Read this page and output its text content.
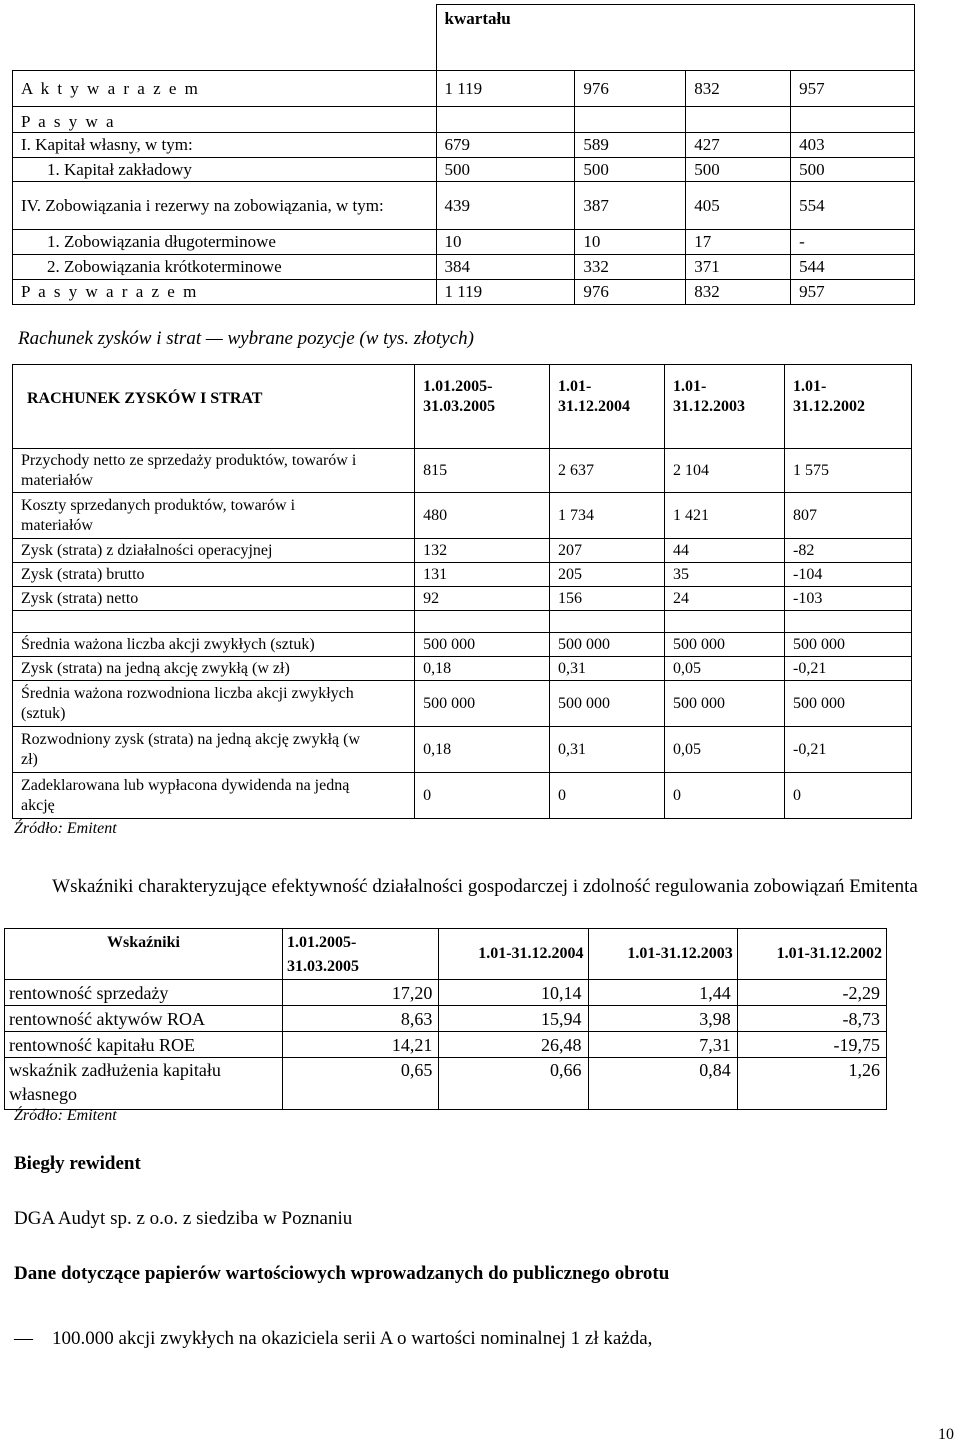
	kwartału			
A k t y w a r a z e m	1 119	976	832	957
P a s y w a				
I. Kapitał własny, w tym:	679	589	427	403
1. Kapitał zakładowy	500	500	500	500
IV. Zobowiązania i rezerwy na zobowiązania, w tym:	439	387	405	554
1. Zobowiązania długoterminowe	10	10	17	-
2. Zobowiązania krótkoterminowe	384	332	371	544
P a s y w a r a z e m	1 119	976	832	957
Rachunek zysków i strat — wybrane pozycje (w tys. złotych)
RACHUNEK ZYSKÓW I STRAT	1.01.2005-31.03.2005	1.01-31.12.2004	1.01-31.12.2003	1.01-31.12.2002

Przychody netto ze sprzedaży produktów, towarów i materiałów	815	2 637	2 104	1 575
Koszty sprzedanych produktów, towarów i materiałów	480	1 734	1 421	807
Zysk (strata) z działalności operacyjnej	132	207	44	-82
Zysk (strata) brutto	131	205	35	-104
Zysk (strata) netto	92	156	24	-103

Średnia ważona liczba akcji zwykłych (sztuk)	500 000	500 000	500 000	500 000
Zysk (strata) na jedną akcję zwykłą (w zł)	0,18	0,31	0,05	-0,21
Średnia ważona rozwodniona liczba akcji zwykłych (sztuk)	500 000	500 000	500 000	500 000
Rozwodniony zysk (strata) na jedną akcję zwykłą (w zł)	0,18	0,31	0,05	-0,21
Zadeklarowana lub wypłacona dywidenda na jedną akcję	0	0	0	0
Źródło: Emitent
Wskaźniki charakteryzujące efektywność działalności gospodarczej i zdolność regulowania zobowiązań Emitenta
Wskaźniki	1.01.2005-31.03.2005	1.01-31.12.2004	1.01-31.12.2003	1.01-31.12.2002
rentowność sprzedaży	17,20	10,14	1,44	-2,29
rentowność aktywów ROA	8,63	15,94	3,98	-8,73
rentowność kapitału ROE	14,21	26,48	7,31	-19,75
wskaźnik zadłużenia kapitału własnego	0,65	0,66	0,84	1,26
Źródło: Emitent
Biegły rewident
DGA Audyt sp. z o.o. z siedziba w Poznaniu
Dane dotyczące papierów wartościowych wprowadzanych do publicznego obrotu
— 100.000 akcji zwykłych na okaziciela serii A o wartości nominalnej 1 zł każda,
10
